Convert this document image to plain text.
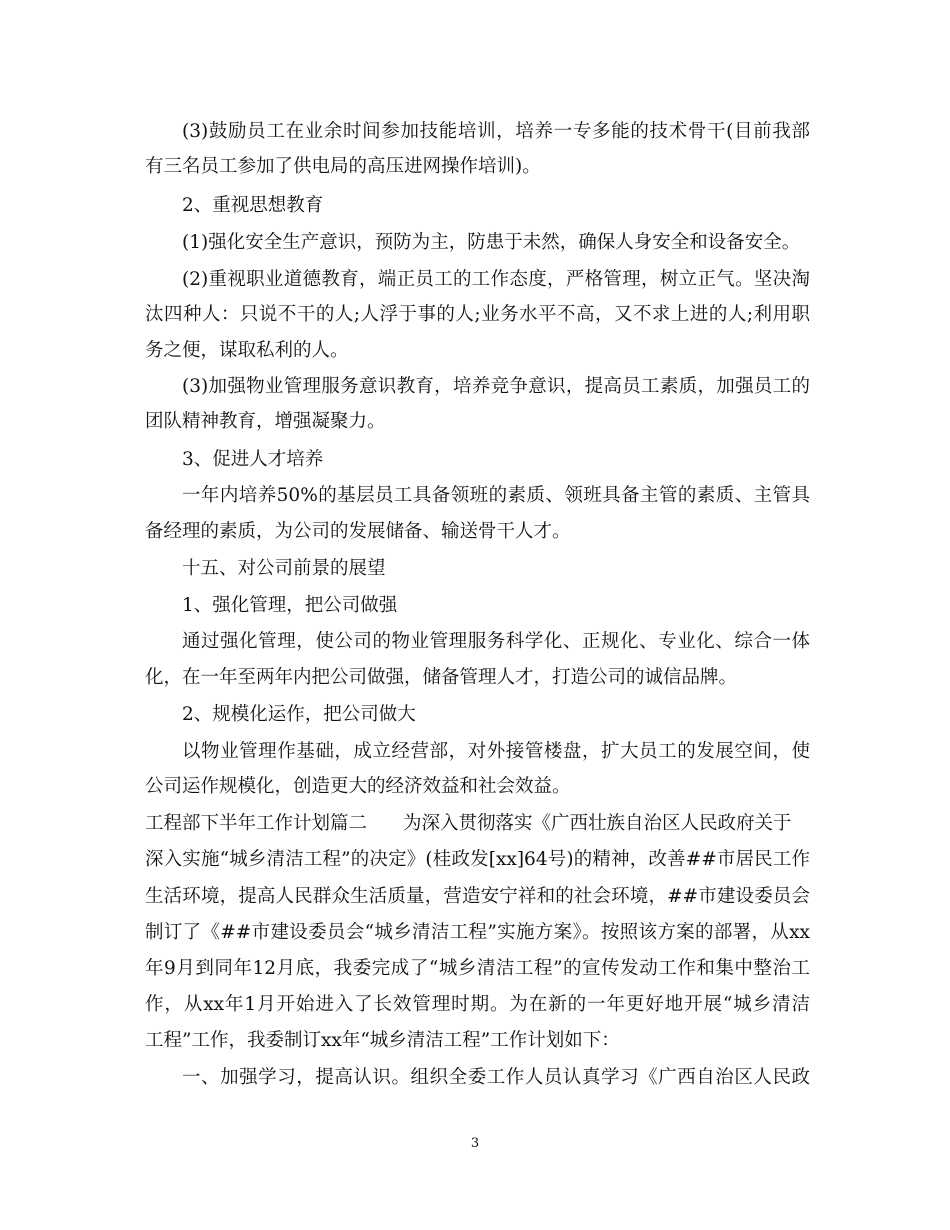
(3)鼓励员工在业余时间参加技能培训，培养一专多能的技术骨干(目前我部
有三名员工参加了供电局的高压进网操作培训)。
2、重视思想教育
(1)强化安全生产意识，预防为主，防患于未然，确保人身安全和设备安全。
(2)重视职业道德教育，端正员工的工作态度，严格管理，树立正气。坚决淘
汰四种人：只说不干的人;人浮于事的人;业务水平不高，又不求上进的人;利用职
务之便，谋取私利的人。
(3)加强物业管理服务意识教育，培养竞争意识，提高员工素质，加强员工的
团队精神教育，增强凝聚力。
3、促进人才培养
一年内培养50%的基层员工具备领班的素质、领班具备主管的素质、主管具
备经理的素质，为公司的发展储备、输送骨干人才。
十五、对公司前景的展望
1、强化管理，把公司做强
通过强化管理，使公司的物业管理服务科学化、正规化、专业化、综合一体
化，在一年至两年内把公司做强，储备管理人才，打造公司的诚信品牌。
2、规模化运作，把公司做大
以物业管理作基础，成立经营部，对外接管楼盘，扩大员工的发展空间，使
公司运作规模化，创造更大的经济效益和社会效益。
工程部下半年工作计划篇二 为深入贯彻落实《广西壮族自治区人民政府关于
深入实施“城乡清洁工程”的决定》(桂政发[xx]64号)的精神，改善##市居民工作
生活环境，提高人民群众生活质量，营造安宁祥和的社会环境，##市建设委员会
制订了《##市建设委员会“城乡清洁工程”实施方案》。按照该方案的部署，从xx
年9月到同年12月底，我委完成了“城乡清洁工程”的宣传发动工作和集中整治工
作，从xx年1月开始进入了长效管理时期。为在新的一年更好地开展“城乡清洁
工程”工作，我委制订xx年“城乡清洁工程”工作计划如下：
一、加强学习，提高认识。组织全委工作人员认真学习《广西自治区人民政
3
